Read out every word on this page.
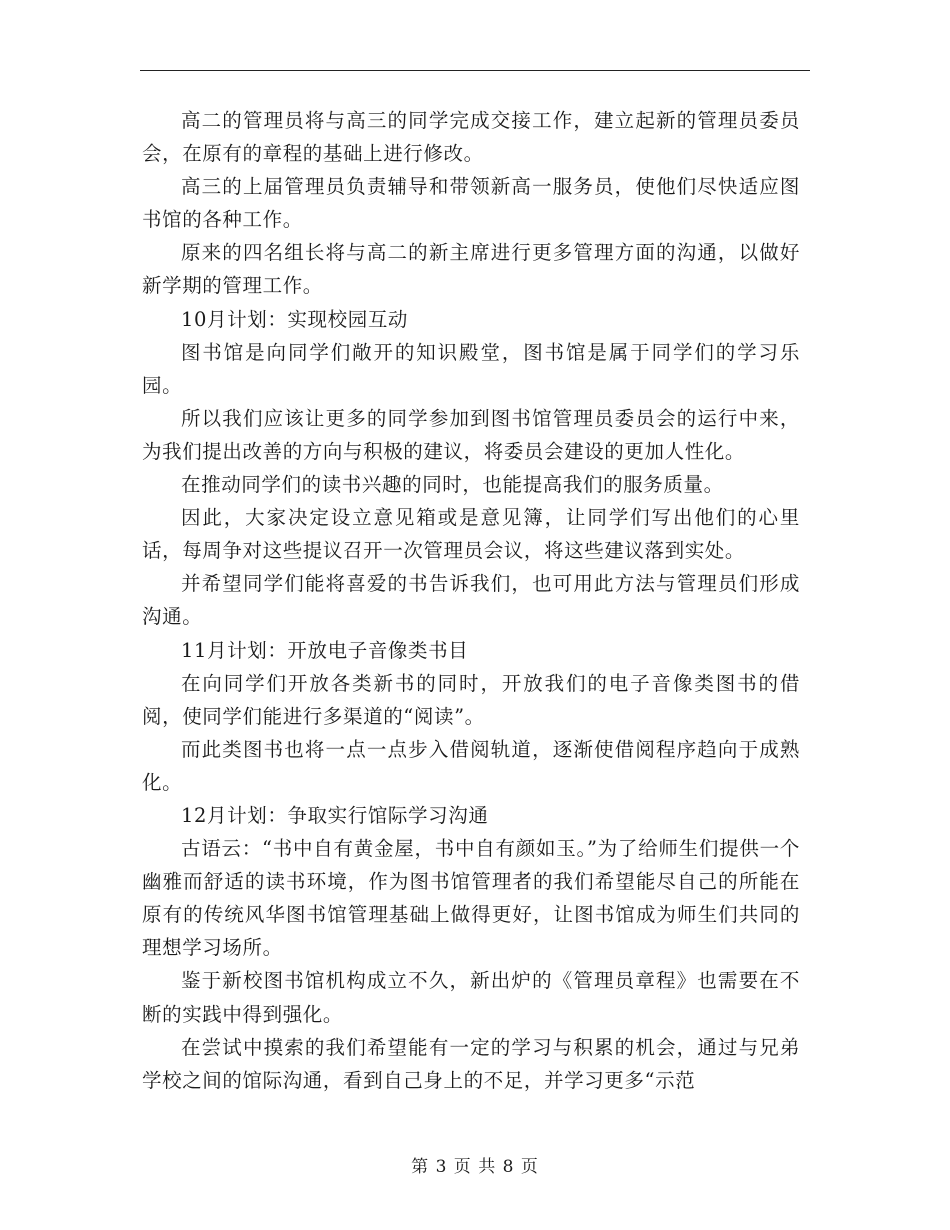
高二的管理员将与高三的同学完成交接工作，建立起新的管理员委员会，在原有的章程的基础上进行修改。

高三的上届管理员负责辅导和带领新高一服务员，使他们尽快适应图书馆的各种工作。

原来的四名组长将与高二的新主席进行更多管理方面的沟通，以做好新学期的管理工作。

10月计划：实现校园互动

图书馆是向同学们敞开的知识殿堂，图书馆是属于同学们的学习乐园。

所以我们应该让更多的同学参加到图书馆管理员委员会的运行中来，为我们提出改善的方向与积极的建议，将委员会建设的更加人性化。

在推动同学们的读书兴趣的同时，也能提高我们的服务质量。

因此，大家决定设立意见箱或是意见簿，让同学们写出他们的心里话，每周争对这些提议召开一次管理员会议，将这些建议落到实处。

并希望同学们能将喜爱的书告诉我们，也可用此方法与管理员们形成沟通。

11月计划：开放电子音像类书目

在向同学们开放各类新书的同时，开放我们的电子音像类图书的借阅，使同学们能进行多渠道的“阅读”。

而此类图书也将一点一点步入借阅轨道，逐渐使借阅程序趋向于成熟化。

12月计划：争取实行馆际学习沟通

古语云：“书中自有黄金屋，书中自有颜如玉。”为了给师生们提供一个幽雅而舒适的读书环境，作为图书馆管理者的我们希望能尽自己的所能在原有的传统风华图书馆管理基础上做得更好，让图书馆成为师生们共同的理想学习场所。

鉴于新校图书馆机构成立不久，新出炉的《管理员章程》也需要在不断的实践中得到强化。

在尝试中摸索的我们希望能有一定的学习与积累的机会，通过与兄弟学校之间的馆际沟通，看到自己身上的不足，并学习更多“示范

第 3 页 共 8 页
